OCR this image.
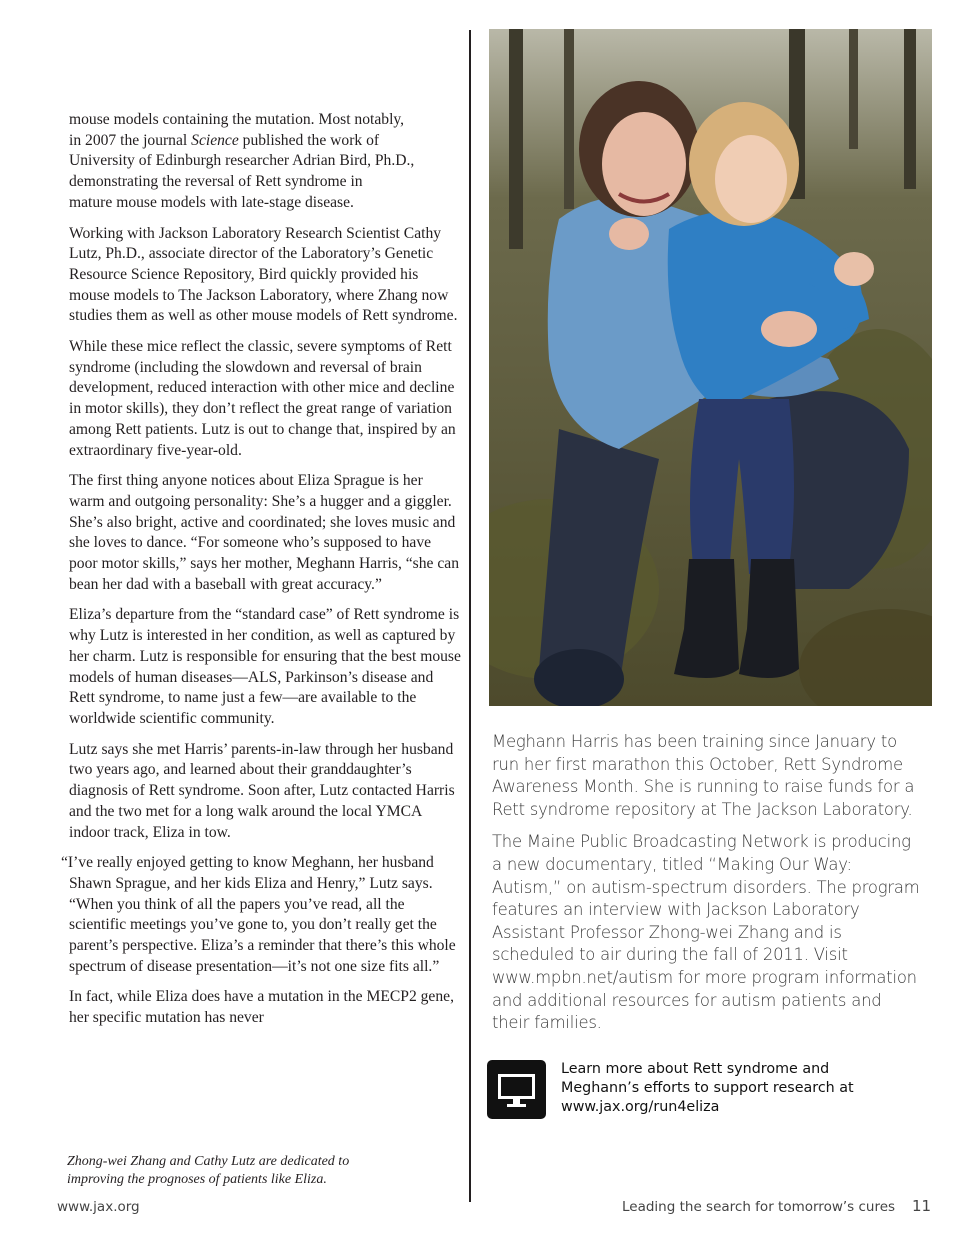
mouse models containing the mutation. Most notably,
in 2007 the journal Science published the work of
University of Edinburgh researcher Adrian Bird, Ph.D.,
demonstrating the reversal of Rett syndrome in
mature mouse models with late-stage disease.

Working with Jackson Laboratory Research Scientist Cathy Lutz, Ph.D., associate director of the Laboratory’s Genetic Resource Science Repository, Bird quickly provided his mouse models to The Jackson Laboratory, where Zhang now studies them as well as other mouse models of Rett syndrome.

While these mice reflect the classic, severe symptoms of Rett syndrome (including the slowdown and reversal of brain development, reduced interaction with other mice and decline in motor skills), they don’t reflect the great range of variation among Rett patients. Lutz is out to change that, inspired by an extraordinary five-year-old.

The first thing anyone notices about Eliza Sprague is her warm and outgoing personality: She’s a hugger and a giggler. She’s also bright, active and coordinated; she loves music and she loves to dance. “For someone who’s supposed to have poor motor skills,” says her mother, Meghann Harris, “she can bean her dad with a baseball with great accuracy.”

Eliza’s departure from the “standard case” of Rett syndrome is why Lutz is interested in her condition, as well as captured by her charm. Lutz is responsible for ensuring that the best mouse models of human diseases—ALS, Parkinson’s disease and Rett syndrome, to name just a few—are available to the worldwide scientific community.

Lutz says she met Harris’ parents-in-law through her husband two years ago, and learned about their granddaughter’s diagnosis of Rett syndrome. Soon after, Lutz contacted Harris and the two met for a long walk around the local YMCA indoor track, Eliza in tow.

“I’ve really enjoyed getting to know Meghann, her husband Shawn Sprague, and her kids Eliza and Henry,” Lutz says. “When you think of all the papers you’ve read, all the scientific meetings you’ve gone to, you don’t really get the parent’s perspective. Eliza’s a reminder that there’s this whole spectrum of disease presentation—it’s not one size fits all.”

In fact, while Eliza does have a mutation in the MECP2 gene, her specific mutation has never

Zhong-wei Zhang and Cathy Lutz are dedicated to improving the prognoses of patients like Eliza.

Meghann Harris has been training since January to run her first marathon this October, Rett Syndrome Awareness Month. She is running to raise funds for a Rett syndrome repository at The Jackson Laboratory.

The Maine Public Broadcasting Network is producing a new documentary, titled “Making Our Way: Autism,” on autism-spectrum disorders. The program features an interview with Jackson Laboratory Assistant Professor Zhong-wei Zhang and is scheduled to air during the fall of 2011. Visit www.mpbn.net/autism for more program information and additional resources for autism patients and their families.

Learn more about Rett syndrome and
Meghann’s efforts to support research at
www.jax.org/run4eliza
www.jax.org	Leading the search for tomorrow’s cures 11
